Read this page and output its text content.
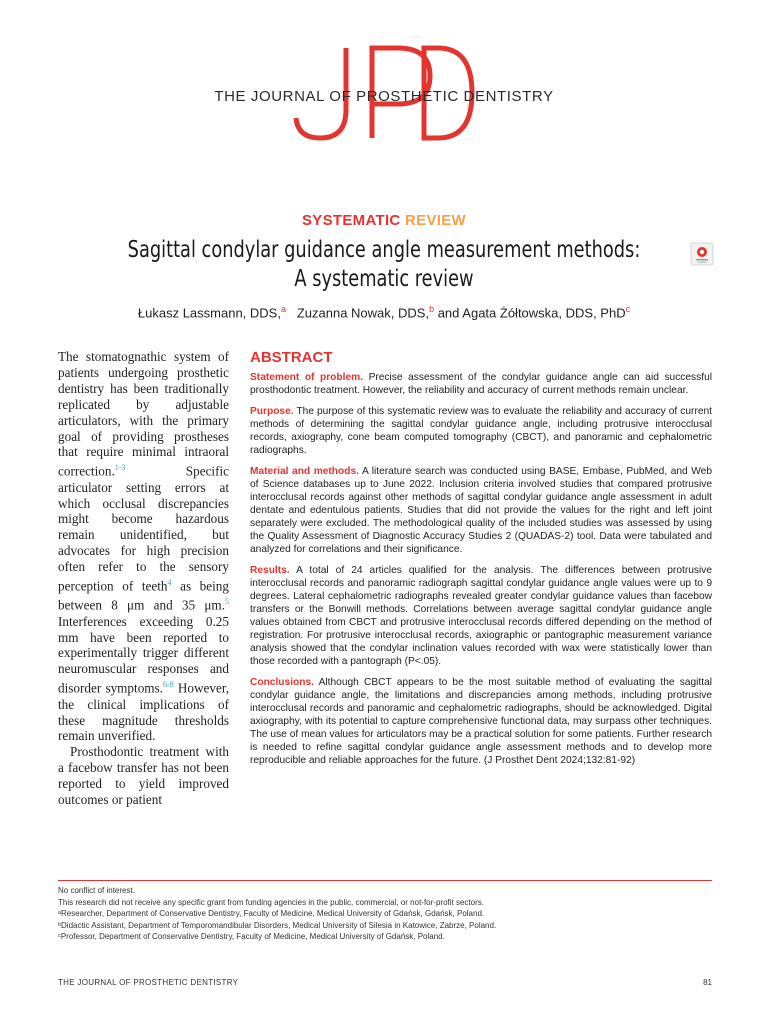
THE JOURNAL OF PROSTHETIC DENTISTRY
SYSTEMATIC REVIEW
Sagittal condylar guidance angle measurement methods:
A systematic review
Łukasz Lassmann, DDS,$^a$ Zuzanna Nowak, DDS,$^b$ and Agata Żółtowska, DDS, PhD$^c$

The stomatognathic system of patients undergoing prosthetic dentistry has been traditionally replicated by adjustable articulators, with the primary goal of providing prostheses that require minimal intraoral correction.$^{1-3}$ Specific articulator setting errors at which occlusal discrepancies might become hazardous remain unidentified, but advocates for high precision often refer to the sensory perception of teeth$^4$ as being between 8 μm and 35 μm.$^5$ Interferences exceeding 0.25 mm have been reported to experimentally trigger different neuromuscular responses and disorder symptoms.$^{6-8}$ However, the clinical implications of these magnitude thresholds remain unverified.

Prosthodontic treatment with a facebow transfer has not been reported to yield improved outcomes or patient

ABSTRACT

Statement of problem. Precise assessment of the condylar guidance angle can aid successful prosthodontic treatment. However, the reliability and accuracy of current methods remain unclear.

Purpose. The purpose of this systematic review was to evaluate the reliability and accuracy of current methods of determining the sagittal condylar guidance angle, including protrusive interocclusal records, axiography, cone beam computed tomography (CBCT), and panoramic and cephalometric radiographs.

Material and methods. A literature search was conducted using BASE, Embase, PubMed, and Web of Science databases up to June 2022. Inclusion criteria involved studies that compared protrusive interocclusal records against other methods of sagittal condylar guidance angle assessment in adult dentate and edentulous patients. Studies that did not provide the values for the right and left joint separately were excluded. The methodological quality of the included studies was assessed by using the Quality Assessment of Diagnostic Accuracy Studies 2 (QUADAS-2) tool. Data were tabulated and analyzed for correlations and their significance.

Results. A total of 24 articles qualified for the analysis. The differences between protrusive interocclusal records and panoramic radiograph sagittal condylar guidance angle values were up to 9 degrees. Lateral cephalometric radiographs revealed greater condylar guidance values than facebow transfers or the Bonwill methods. Correlations between average sagittal condylar guidance angle values obtained from CBCT and protrusive interocclusal records differed depending on the method of registration. For protrusive interocclusal records, axiographic or pantographic measurement variance analysis showed that the condylar inclination values recorded with wax were statistically lower than those recorded with a pantograph (P<.05).

Conclusions. Although CBCT appears to be the most suitable method of evaluating the sagittal condylar guidance angle, the limitations and discrepancies among methods, including protrusive interocclusal records and panoramic and cephalometric radiographs, should be acknowledged. Digital axiography, with its potential to capture comprehensive functional data, may surpass other techniques. The use of mean values for articulators may be a practical solution for some patients. Further research is needed to refine sagittal condylar guidance angle assessment methods and to develop more reproducible and reliable approaches for the future. (J Prosthet Dent 2024;132:81-92)

No conflict of interest.

This research did not receive any specific grant from funding agencies in the public, commercial, or not-for-profit sectors.

ᵃResearcher, Department of Conservative Dentistry, Faculty of Medicine, Medical University of Gdańsk, Gdańsk, Poland.

ᵇDidactic Assistant, Department of Temporomandibular Disorders, Medical University of Silesia in Katowice, Zabrze, Poland.

ᶜProfessor, Department of Conservative Dentistry, Faculty of Medicine, Medical University of Gdańsk, Poland.

THE JOURNAL OF PROSTHETIC DENTISTRY	81
